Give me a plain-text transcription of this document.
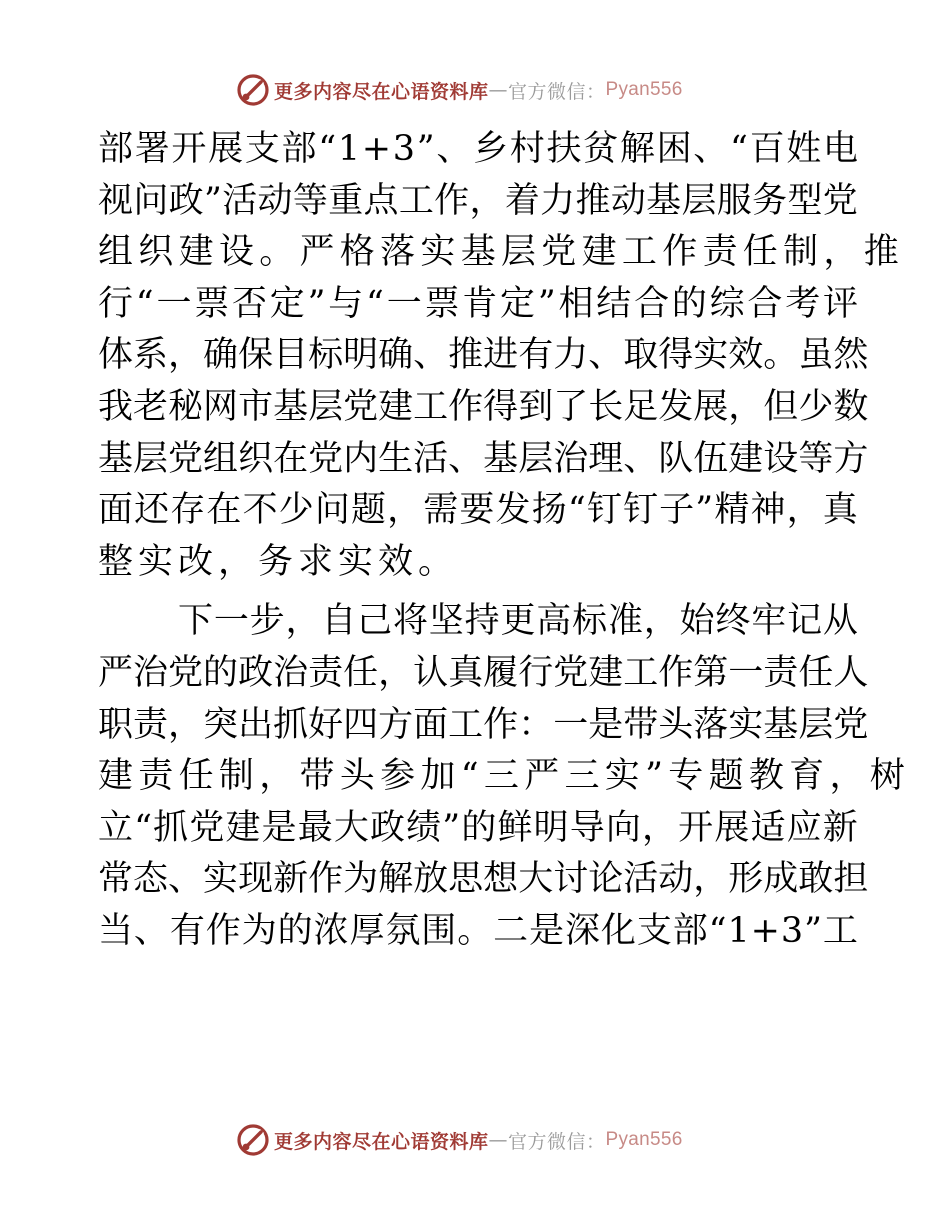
更多内容尽在心语资料库 — 官方微信： Pyan556
部 署 开 展 支 部 “ 1 + 3 ” 、 乡 村 扶 贫 解 困 、 “ 百 姓 电
视 问 政 ” 活 动 等 重 点 工 作 ， 着 力 推 动 基 层 服 务 型 党
组织建设。严格落实基层党建工作责任制，推
行 “ 一 票 否 定 ” 与 “ 一 票 肯 定 ” 相 结 合 的 综 合 考 评
体 系 ， 确 保 目 标 明 确 、 推 进 有 力 、 取 得 实 效 。 虽 然
我 老 秘 网 市 基 层 党 建 工 作 得 到 了 长 足 发 展 ， 但 少 数
基 层 党 组 织 在 党 内 生 活 、 基 层 治 理 、 队 伍 建 设 等 方
面 还 存 在 不 少 问 题 ， 需 要 发 扬 “ 钉 钉 子 ” 精 神 ， 真
整实改，务求实效。
下 一 步 ， 自 己 将 坚 持 更 高 标 准 ， 始 终 牢 记 从
严 治 党 的 政 治 责 任 ， 认 真 履 行 党 建 工 作 第 一 责 任 人
职 责 ， 突 出 抓 好 四 方 面 工 作 ： 一 是 带 头 落 实 基 层 党
建责任制，带头参加“三严三实”专题教育，树
立 “ 抓 党 建 是 最 大 政 绩 ” 的 鲜 明 导 向 ， 开 展 适 应 新
常 态 、 实 现 新 作 为 解 放 思 想 大 讨 论 活 动 ， 形 成 敢 担
当 、 有 作 为 的 浓 厚 氛 围 。 二 是 深 化 支 部 “ 1 + 3 ” 工
更多内容尽在心语资料库 — 官方微信： Pyan556
